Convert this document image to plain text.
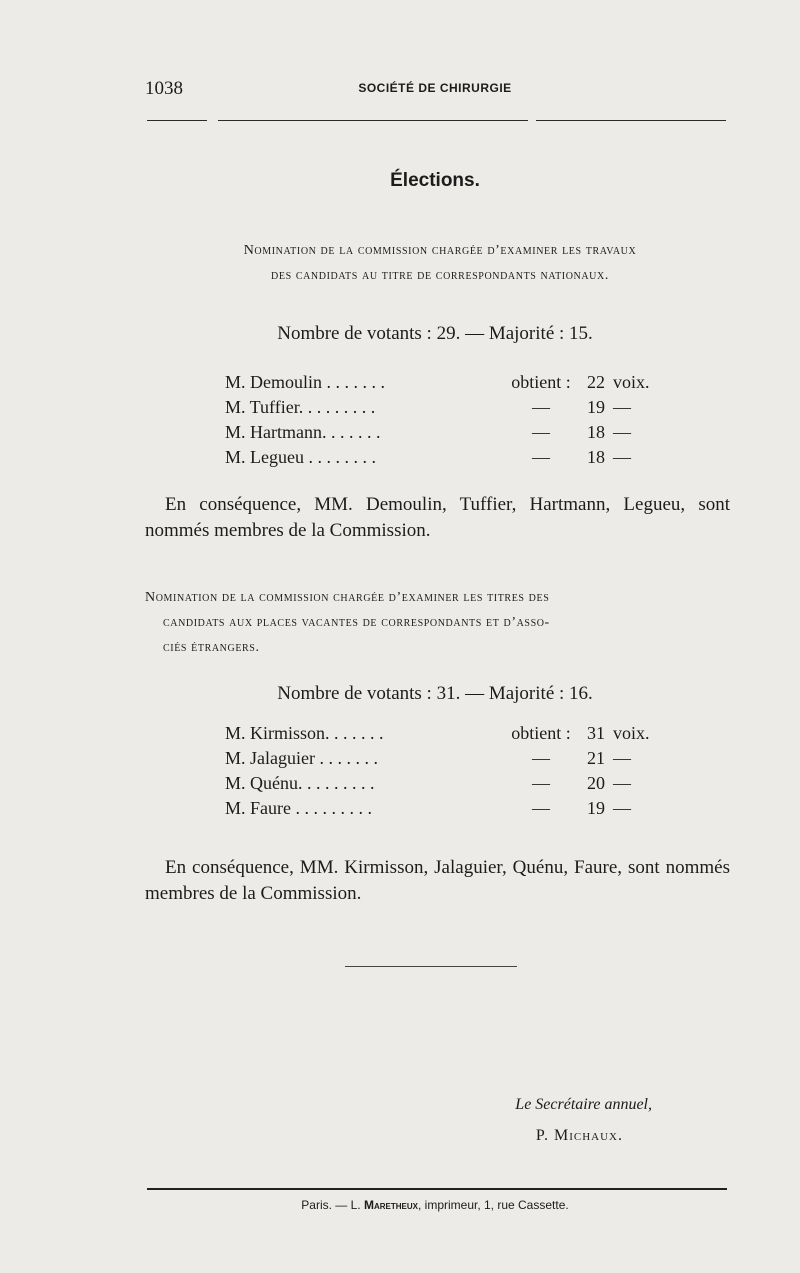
1038	SOCIÉTÉ DE CHIRURGIE
Élections.
Nomination de la commission chargée d’examiner les travaux
des candidats au titre de correspondants nationaux.
Nombre de votants : 29. — Majorité : 15.
M. Demoulin . . . . . . .	obtient : 22 voix.
M. Tuffier. . . . . . . . .	—	19 —
M. Hartmann. . . . . . .	—	18 —
M. Legueu . . . . . . . .	—	18 —
En conséquence, MM. Demoulin, Tuffier, Hartmann, Legueu, sont nommés membres de la Commission.
Nomination de la commission chargée d’examiner les titres des
candidats aux places vacantes de correspondants et d’asso-
ciés étrangers.
Nombre de votants : 31. — Majorité : 16.
M. Kirmisson. . . . . . .	obtient : 31 voix.
M. Jalaguier . . . . . . .	—	21 —
M. Quénu. . . . . . . . .	—	20 —
M. Faure . . . . . . . . .	—	19 —
En conséquence, MM. Kirmisson, Jalaguier, Quénu, Faure, sont nommés membres de la Commission.
Le Secrétaire annuel,
P. Michaux.
Paris. — L. Maretheux, imprimeur, 1, rue Cassette.
